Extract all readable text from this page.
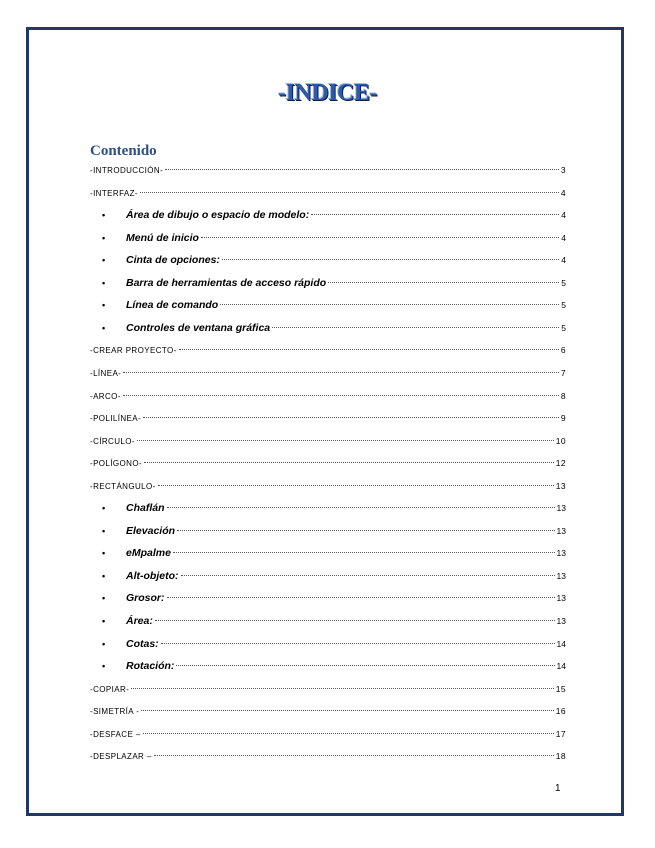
-INDICE-
Contenido
-INTRODUCCIÓN-	3
-INTERFAZ-	4
• Área de dibujo o espacio de modelo:	4
• Menú de inicio	4
• Cinta de opciones:	4
• Barra de herramientas de acceso rápido	5
• Línea de comando	5
• Controles de ventana gráfica	5
-CREAR PROYECTO-	6
-LÍNEA-	7
-ARCO-	8
-POLILÍNEA-	9
-CÍRCULO-	10
-POLÍGONO-	12
-RECTÁNGULO-	13
• Chaflán	13
• Elevación	13
• eMpalme	13
• Alt-objeto:	13
• Grosor:	13
• Área:	13
• Cotas:	14
• Rotación:	14
-COPIAR-	15
-SIMETRÍA -	16
-DESFACE –	17
-DESPLAZAR –	18
1
